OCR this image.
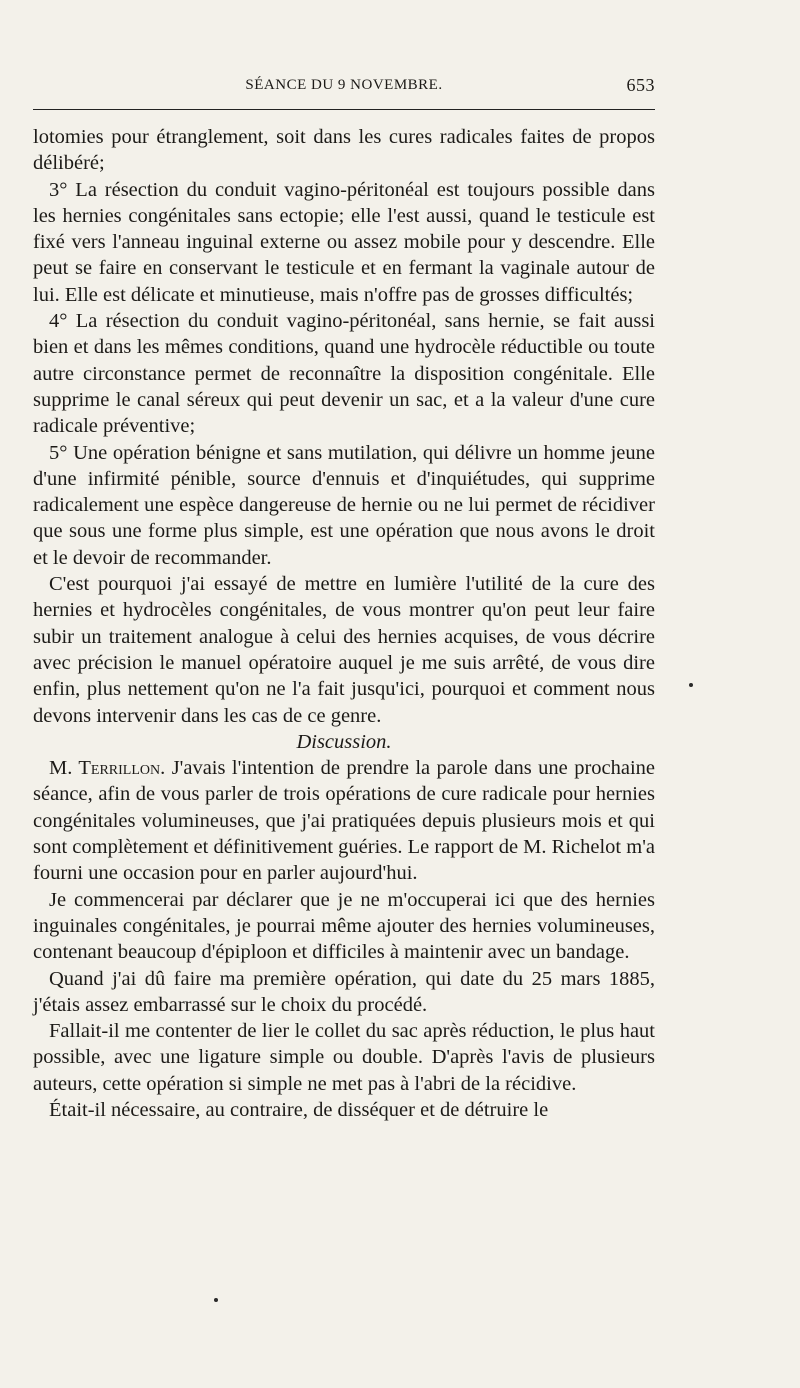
SÉANCE DU 9 NOVEMBRE.	653

lotomies pour étranglement, soit dans les cures radicales faites de propos délibéré;

3° La résection du conduit vagino-péritonéal est toujours possible dans les hernies congénitales sans ectopie; elle l'est aussi, quand le testicule est fixé vers l'anneau inguinal externe ou assez mobile pour y descendre. Elle peut se faire en conservant le testicule et en fermant la vaginale autour de lui. Elle est délicate et minutieuse, mais n'offre pas de grosses difficultés;

4° La résection du conduit vagino-péritonéal, sans hernie, se fait aussi bien et dans les mêmes conditions, quand une hydrocèle réductible ou toute autre circonstance permet de reconnaître la disposition congénitale. Elle supprime le canal séreux qui peut devenir un sac, et a la valeur d'une cure radicale préventive;

5° Une opération bénigne et sans mutilation, qui délivre un homme jeune d'une infirmité pénible, source d'ennuis et d'inquiétudes, qui supprime radicalement une espèce dangereuse de hernie ou ne lui permet de récidiver que sous une forme plus simple, est une opération que nous avons le droit et le devoir de recommander.

C'est pourquoi j'ai essayé de mettre en lumière l'utilité de la cure des hernies et hydrocèles congénitales, de vous montrer qu'on peut leur faire subir un traitement analogue à celui des hernies acquises, de vous décrire avec précision le manuel opératoire auquel je me suis arrêté, de vous dire enfin, plus nettement qu'on ne l'a fait jusqu'ici, pourquoi et comment nous devons intervenir dans les cas de ce genre.

Discussion.

M. Terrillon. J'avais l'intention de prendre la parole dans une prochaine séance, afin de vous parler de trois opérations de cure radicale pour hernies congénitales volumineuses, que j'ai pratiquées depuis plusieurs mois et qui sont complètement et définitivement guéries. Le rapport de M. Richelot m'a fourni une occasion pour en parler aujourd'hui.

Je commencerai par déclarer que je ne m'occuperai ici que des hernies inguinales congénitales, je pourrai même ajouter des hernies volumineuses, contenant beaucoup d'épiploon et difficiles à maintenir avec un bandage.

Quand j'ai dû faire ma première opération, qui date du 25 mars 1885, j'étais assez embarrassé sur le choix du procédé.

Fallait-il me contenter de lier le collet du sac après réduction, le plus haut possible, avec une ligature simple ou double. D'après l'avis de plusieurs auteurs, cette opération si simple ne met pas à l'abri de la récidive.

Était-il nécessaire, au contraire, de disséquer et de détruire le
